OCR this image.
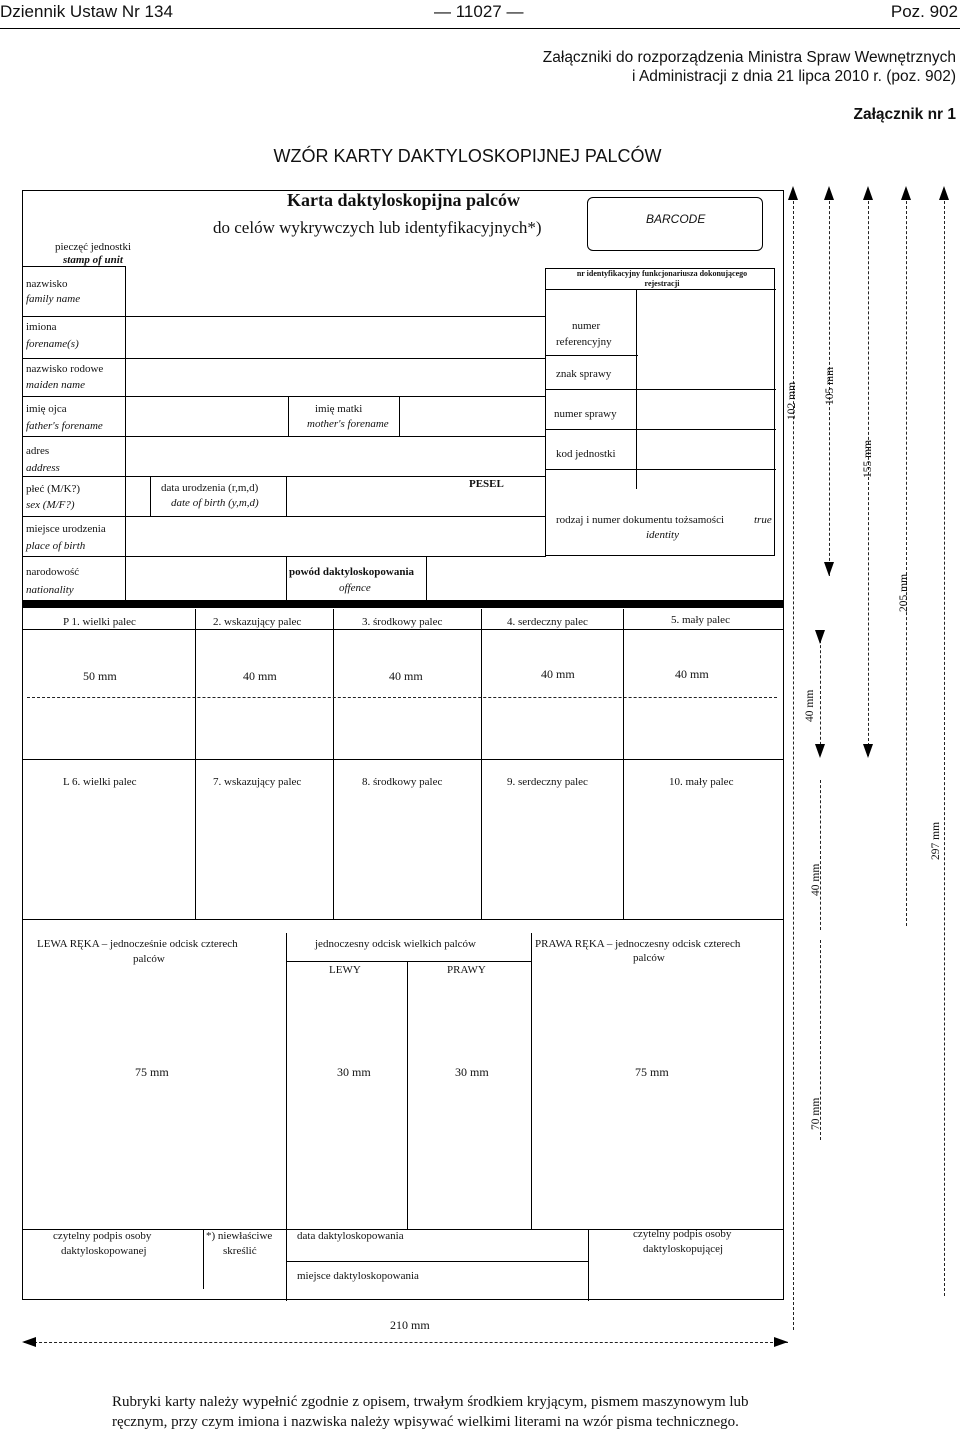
Dziennik Ustaw Nr 134	— 11027 —	Poz. 902
Załączniki do rozporządzenia Ministra Spraw Wewnętrznych
i Administracji z dnia 21 lipca 2010 r. (poz. 902)
Załącznik nr 1
WZÓR KARTY DAKTYLOSKOPIJNEJ PALCÓW
Karta daktyloskopijna palców
do celów wykrywczych lub identyfikacyjnych*)	BARCODE
pieczęć jednostki
stamp of unit
nazwisko
family name
imiona
forename(s)
nazwisko rodowe
maiden name
imię ojca
father's forename
imię matki
mother's forename
adres
address
płeć (M/K?)
sex (M/F?)
data urodzenia (r,m,d)
date of birth (y,m,d)
PESEL
miejsce urodzenia
place of birth
narodowość
nationality
powód daktyloskopowania
offence
nr identyfikacyjny funkcjonariusza dokonującego rejestracji
numer
referencyjny
znak sprawy
numer sprawy
kod jednostki
rodzaj i numer dokumentu tożsamości	true
identity
P 1. wielki palec	2. wskazujący palec	3. środkowy palec	4. serdeczny palec	5. mały palec
L 6. wielki palec	7. wskazujący palec	8. środkowy palec	9. serdeczny palec	10. mały palec
50 mm	40 mm	40 mm	40 mm	40 mm
LEWA RĘKA – jednocześnie odcisk czterech
palców
jednoczesny odcisk wielkich palców
LEWY	PRAWY
PRAWA RĘKA – jednoczesny odcisk czterech
palców
75 mm	30 mm	30 mm	75 mm
czytelny podpis osoby
daktyloskopowanej
*) niewłaściwe
skreślić
data daktyloskopowania
miejsce daktyloskopowania
czytelny podpis osoby
daktyloskopującej
102 mm 105 mm
155 mm
205 mm
297 mm
40 mm
40 mm
70 mm
210 mm
Rubryki karty należy wypełnić zgodnie z opisem, trwałym środkiem kryjącym, pismem maszynowym lub
ręcznym, przy czym imiona i nazwiska należy wpisywać wielkimi literami na wzór pisma technicznego.
